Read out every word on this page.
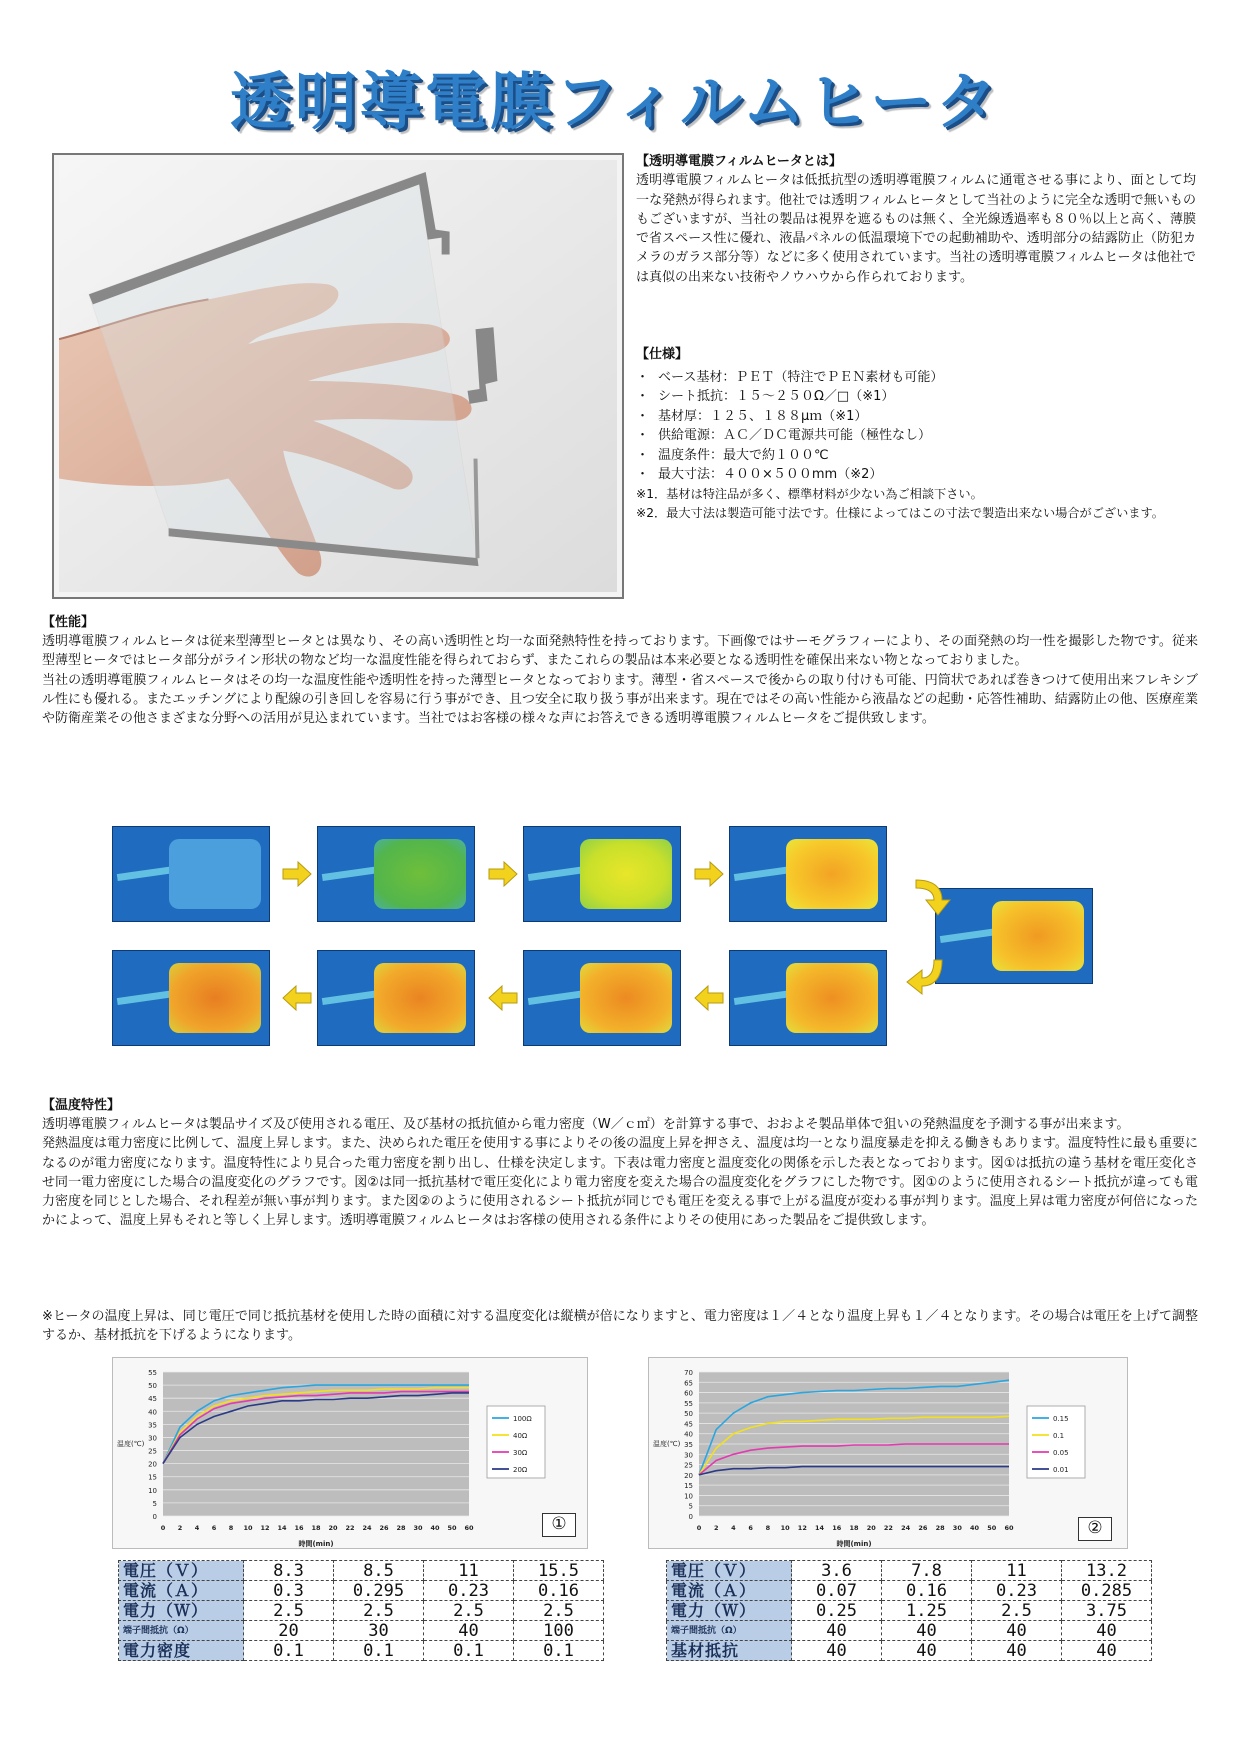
透明導電膜フィルムヒータ
【透明導電膜フィルムヒータとは】

透明導電膜フィルムヒータは低抵抗型の透明導電膜フィルムに通電させる事により、面として均一な発熱が得られます。他社では透明フィルムヒータとして当社のように完全な透明で無いものもございますが、当社の製品は視界を遮るものは無く、全光線透過率も８０％以上と高く、薄膜で省スペース性に優れ、液晶パネルの低温環境下での起動補助や、透明部分の結露防止（防犯カメラのガラス部分等）などに多く使用されています。当社の透明導電膜フィルムヒータは他社では真似の出来ない技術やノウハウから作られております。

【仕様】
・ ベース基材：ＰＥＴ（特注でＰＥＮ素材も可能）
・ シート抵抗：１５～２５０Ω／□（※1）
・ 基材厚：１２５、１８８μｍ（※1）
・ 供給電源：ＡＣ／ＤＣ電源共可能（極性なし）
・ 温度条件：最大で約１００℃
・ 最大寸法：４００×５００mm（※2）
※1．基材は特注品が多く、標準材料が少ない為ご相談下さい。
※2．最大寸法は製造可能寸法です。仕様によってはこの寸法で製造出来ない場合がございます。
【性能】

透明導電膜フィルムヒータは従来型薄型ヒータとは異なり、その高い透明性と均一な面発熱特性を持っております。下画像ではサーモグラフィーにより、その面発熱の均一性を撮影した物です。従来型薄型ヒータではヒータ部分がライン形状の物など均一な温度性能を得られておらず、またこれらの製品は本来必要となる透明性を確保出来ない物となっておりました。

当社の透明導電膜フィルムヒータはその均一な温度性能や透明性を持った薄型ヒータとなっております。薄型・省スペースで後からの取り付けも可能、円筒状であれば巻きつけて使用出来フレキシブル性にも優れる。またエッチングにより配線の引き回しを容易に行う事ができ、且つ安全に取り扱う事が出来ます。現在ではその高い性能から液晶などの起動・応答性補助、結露防止の他、医療産業や防衛産業その他さまざまな分野への活用が見込まれています。当社ではお客様の様々な声にお答えできる透明導電膜フィルムヒータをご提供致します。

【温度特性】

透明導電膜フィルムヒータは製品サイズ及び使用される電圧、及び基材の抵抗値から電力密度（W／ｃ㎡）を計算する事で、おおよそ製品単体で狙いの発熱温度を予測する事が出来ます。

発熱温度は電力密度に比例して、温度上昇します。また、決められた電圧を使用する事によりその後の温度上昇を押さえ、温度は均一となり温度暴走を抑える働きもあります。温度特性に最も重要になるのが電力密度になります。温度特性により見合った電力密度を割り出し、仕様を決定します。下表は電力密度と温度変化の関係を示した表となっております。図①は抵抗の違う基材を電圧変化させ同一電力密度にした場合の温度変化のグラフです。図②は同一抵抗基材で電圧変化により電力密度を変えた場合の温度変化をグラフにした物です。図①のように使用されるシート抵抗が違っても電力密度を同じとした場合、それ程差が無い事が判ります。また図②のように使用されるシート抵抗が同じでも電圧を変える事で上がる温度が変わる事が判ります。温度上昇は電力密度が何倍になったかによって、温度上昇もそれと等しく上昇します。透明導電膜フィルムヒータはお客様の使用される条件によりその使用にあった製品をご提供致します。

※ヒータの温度上昇は、同じ電圧で同じ抵抗基材を使用した時の面積に対する温度変化は縦横が倍になりますと、電力密度は１／４となり温度上昇も１／４となります。その場合は電圧を上げて調整するか、基材抵抗を下げるようになります。

0
5
10
15
20
25
30
35
40
45
50
55
0 2 4 6 8 10 12 14 16 18 20 22 24 26 28 30 40 50 60
時間(min)
温度(℃)
100Ω
40Ω
30Ω
20Ω
①	0
5
10
15
20
25
30
35
40
45
50
55
60
65
70
0 2 4 6 8 10 12 14 16 18 20 22 24 26 28 30 40 50 60
時間(min)
温度(℃)
0.15
0.1
0.05
0.01
②
電圧（Ｖ）	8.3	8.5	11	15.5
電流（Ａ）	0.3	0.295	0.23	0.16
電力（Ｗ）	2.5	2.5	2.5	2.5
端子間抵抗（Ω）	20	30	40	100
電力密度	0.1	0.1	0.1	0.1
電圧（Ｖ）	3.6	7.8	11	13.2
電流（Ａ）	0.07	0.16	0.23	0.285
電力（Ｗ）	0.25	1.25	2.5	3.75
端子間抵抗（Ω）	40	40	40	40
基材抵抗	40	40	40	40
